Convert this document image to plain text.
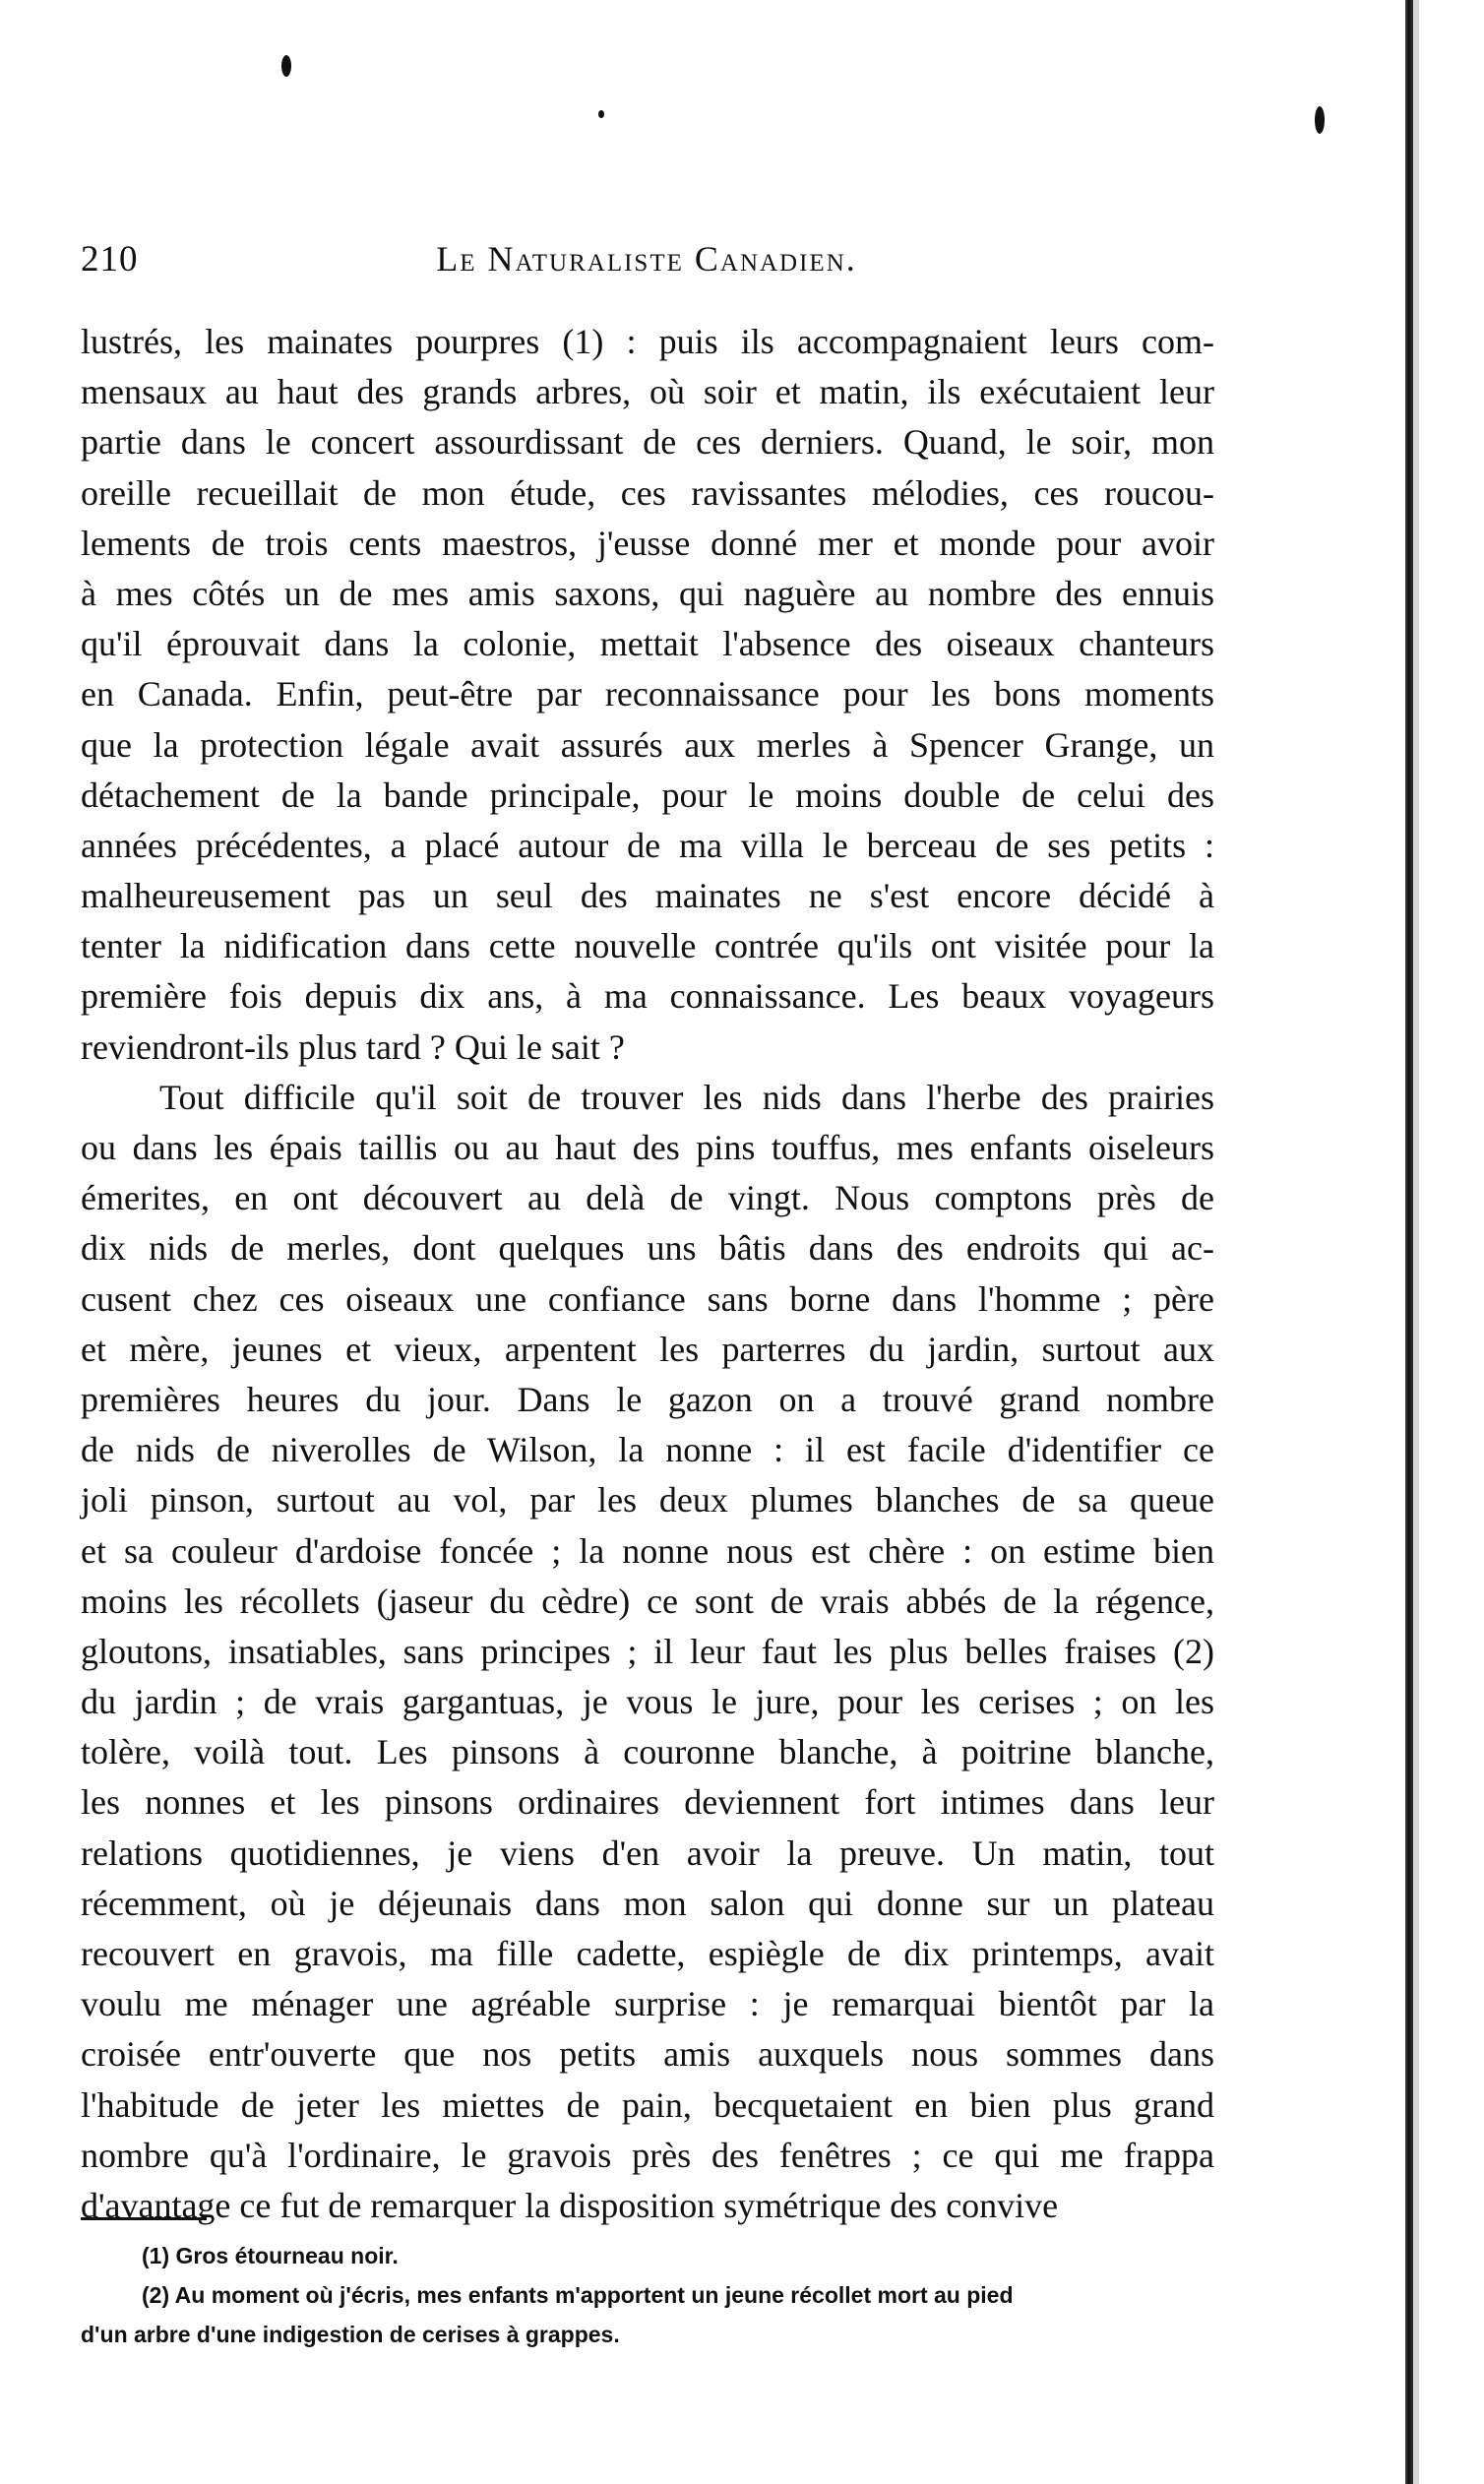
210	Le Naturaliste Canadien.
lustrés, les mainates pourpres (1) : puis ils accompagnaient leurs com-
mensaux au haut des grands arbres, où soir et matin, ils exécutaient leur
partie dans le concert assourdissant de ces derniers. Quand, le soir, mon
oreille recueillait de mon étude, ces ravissantes mélodies, ces roucou-
lements de trois cents maestros, j'eusse donné mer et monde pour avoir
à mes côtés un de mes amis saxons, qui naguère au nombre des ennuis
qu'il éprouvait dans la colonie, mettait l'absence des oiseaux chanteurs
en Canada. Enfin, peut-être par reconnaissance pour les bons moments
que la protection légale avait assurés aux merles à Spencer Grange, un
détachement de la bande principale, pour le moins double de celui des
années précédentes, a placé autour de ma villa le berceau de ses petits :
malheureusement pas un seul des mainates ne s'est encore décidé à
tenter la nidification dans cette nouvelle contrée qu'ils ont visitée pour la
première fois depuis dix ans, à ma connaissance. Les beaux voyageurs
reviendront-ils plus tard ? Qui le sait ?
Tout difficile qu'il soit de trouver les nids dans l'herbe des prairies
ou dans les épais taillis ou au haut des pins touffus, mes enfants oiseleurs
émerites, en ont découvert au delà de vingt. Nous comptons près de
dix nids de merles, dont quelques uns bâtis dans des endroits qui ac-
cusent chez ces oiseaux une confiance sans borne dans l'homme ; père
et mère, jeunes et vieux, arpentent les parterres du jardin, surtout aux
premières heures du jour. Dans le gazon on a trouvé grand nombre
de nids de niverolles de Wilson, la nonne : il est facile d'identifier ce
joli pinson, surtout au vol, par les deux plumes blanches de sa queue
et sa couleur d'ardoise foncée ; la nonne nous est chère : on estime bien
moins les récollets (jaseur du cèdre) ce sont de vrais abbés de la régence,
gloutons, insatiables, sans principes ; il leur faut les plus belles fraises (2)
du jardin ; de vrais gargantuas, je vous le jure, pour les cerises ; on les
tolère, voilà tout. Les pinsons à couronne blanche, à poitrine blanche,
les nonnes et les pinsons ordinaires deviennent fort intimes dans leur
relations quotidiennes, je viens d'en avoir la preuve. Un matin, tout
récemment, où je déjeunais dans mon salon qui donne sur un plateau
recouvert en gravois, ma fille cadette, espiègle de dix printemps, avait
voulu me ménager une agréable surprise : je remarquai bientôt par la
croisée entr'ouverte que nos petits amis auxquels nous sommes dans
l'habitude de jeter les miettes de pain, becquetaient en bien plus grand
nombre qu'à l'ordinaire, le gravois près des fenêtres ; ce qui me frappa
d'avantage ce fut de remarquer la disposition symétrique des convive
(1) Gros étourneau noir.
(2) Au moment où j'écris, mes enfants m'apportent un jeune récollet mort au pied
d'un arbre d'une indigestion de cerises à grappes.
